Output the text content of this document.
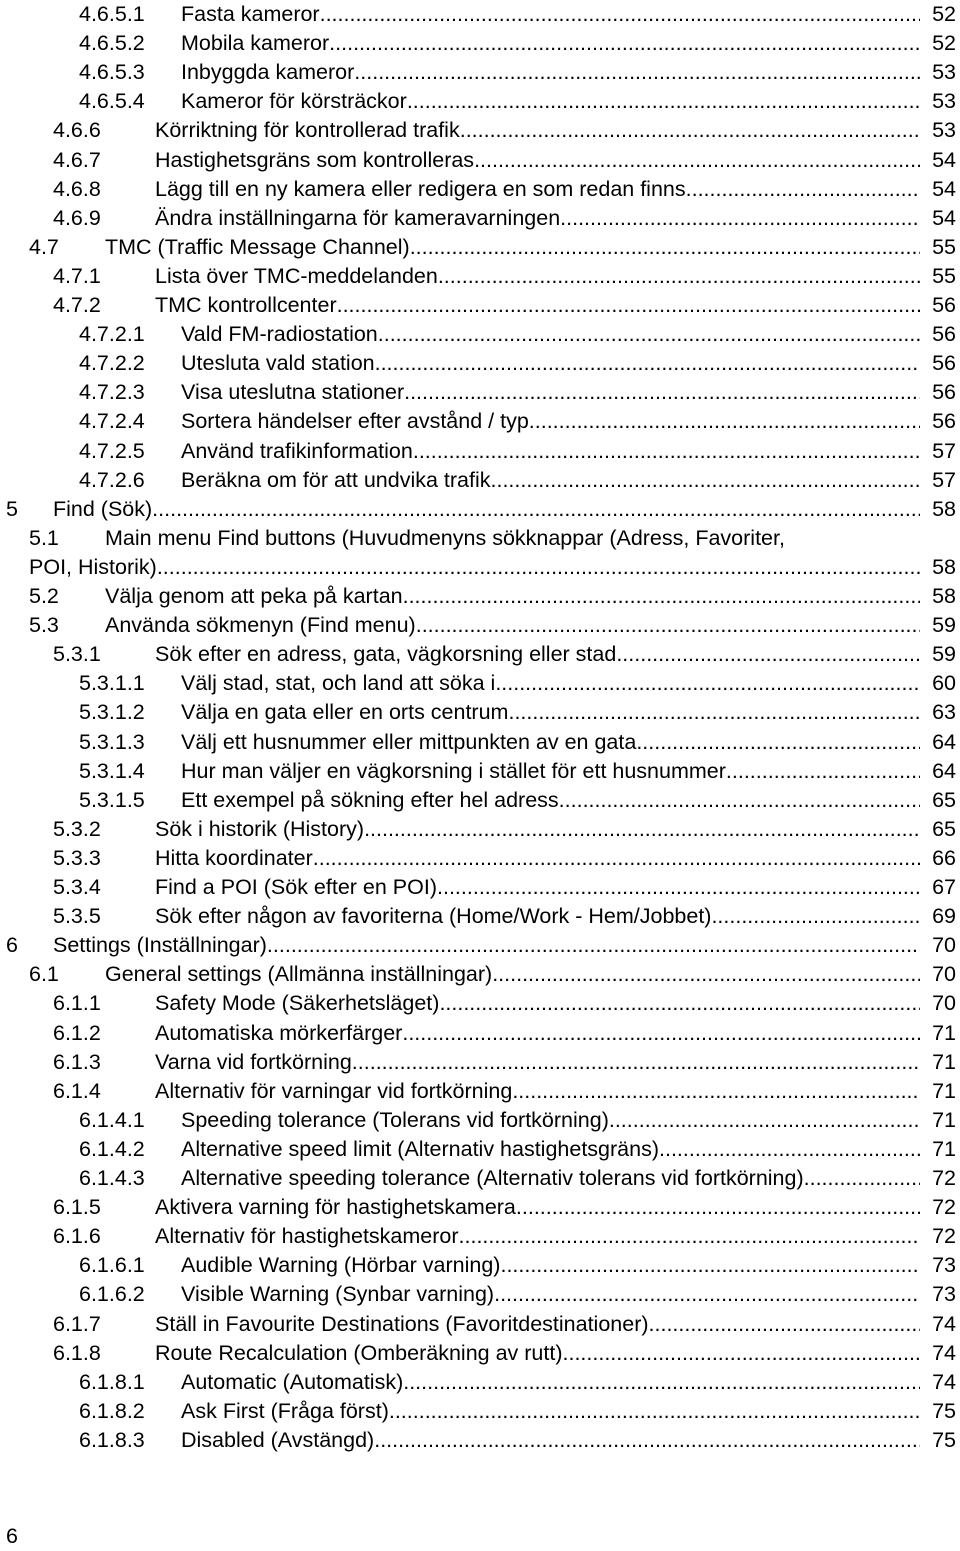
4.6.5.1 Fasta kameror .....	52
4.6.5.2 Mobila kameror .....	52
4.6.5.3 Inbyggda kameror .....	53
4.6.5.4 Kameror för körsträckor .....	53
4.6.6	Körriktning för kontrollerad trafik .....	53
4.6.7	Hastighetsgräns som kontrolleras .....	54
4.6.8	Lägg till en ny kamera eller redigera en som redan finns .....	54
4.6.9	Ändra inställningarna för kameravarningen .....	54
4.7 TMC (Traffic Message Channel) .....	55
4.7.1	Lista över TMC-meddelanden .....	55
4.7.2	TMC kontrollcenter .....	56
4.7.2.1 Vald FM-radiostation .....	56
4.7.2.2 Utesluta vald station .....	56
4.7.2.3 Visa uteslutna stationer .....	56
4.7.2.4 Sortera händelser efter avstånd / typ .....	56
4.7.2.5 Använd trafikinformation .....	57
4.7.2.6 Beräkna om för att undvika trafik .....	57
5 Find (Sök) .....	58
5.1 Main menu Find buttons (Huvudmenyns sökknappar (Adress, Favoriter,
POI, Historik) .....	58
5.2 Välja genom att peka på kartan .....	58
5.3 Använda sökmenyn (Find menu) .....	59
5.3.1	Sök efter en adress, gata, vägkorsning eller stad .....	59
5.3.1.1 Välj stad, stat, och land att söka i .....	60
5.3.1.2 Välja en gata eller en orts centrum .....	63
5.3.1.3 Välj ett husnummer eller mittpunkten av en gata .....	64
5.3.1.4 Hur man väljer en vägkorsning i stället för ett husnummer .....	64
5.3.1.5 Ett exempel på sökning efter hel adress .....	65
5.3.2	Sök i historik (History) .....	65
5.3.3	Hitta koordinater .....	66
5.3.4	Find a POI (Sök efter en POI) .....	67
5.3.5	Sök efter någon av favoriterna (Home/Work - Hem/Jobbet) .....	69
6 Settings (Inställningar) .....	70
6.1 General settings (Allmänna inställningar) .....	70
6.1.1	Safety Mode (Säkerhetsläget) .....	70
6.1.2	Automatiska mörkerfärger .....	71
6.1.3	Varna vid fortkörning .....	71
6.1.4	Alternativ för varningar vid fortkörning .....	71
6.1.4.1 Speeding tolerance (Tolerans vid fortkörning) .....	71
6.1.4.2 Alternative speed limit (Alternativ hastighetsgräns) .....	71
6.1.4.3 Alternative speeding tolerance (Alternativ tolerans vid fortkörning). .....	72
6.1.5	Aktivera varning för hastighetskamera .....	72
6.1.6	Alternativ för hastighetskameror .....	72
6.1.6.1 Audible Warning (Hörbar varning) .....	73
6.1.6.2 Visible Warning (Synbar varning) .....	73
6.1.7	Ställ in Favourite Destinations (Favoritdestinationer) .....	74
6.1.8	Route Recalculation (Omberäkning av rutt) .....	74
6.1.8.1 Automatic (Automatisk) .....	74
6.1.8.2 Ask First (Fråga först) .....	75
6.1.8.3 Disabled (Avstängd) .....	75
6
